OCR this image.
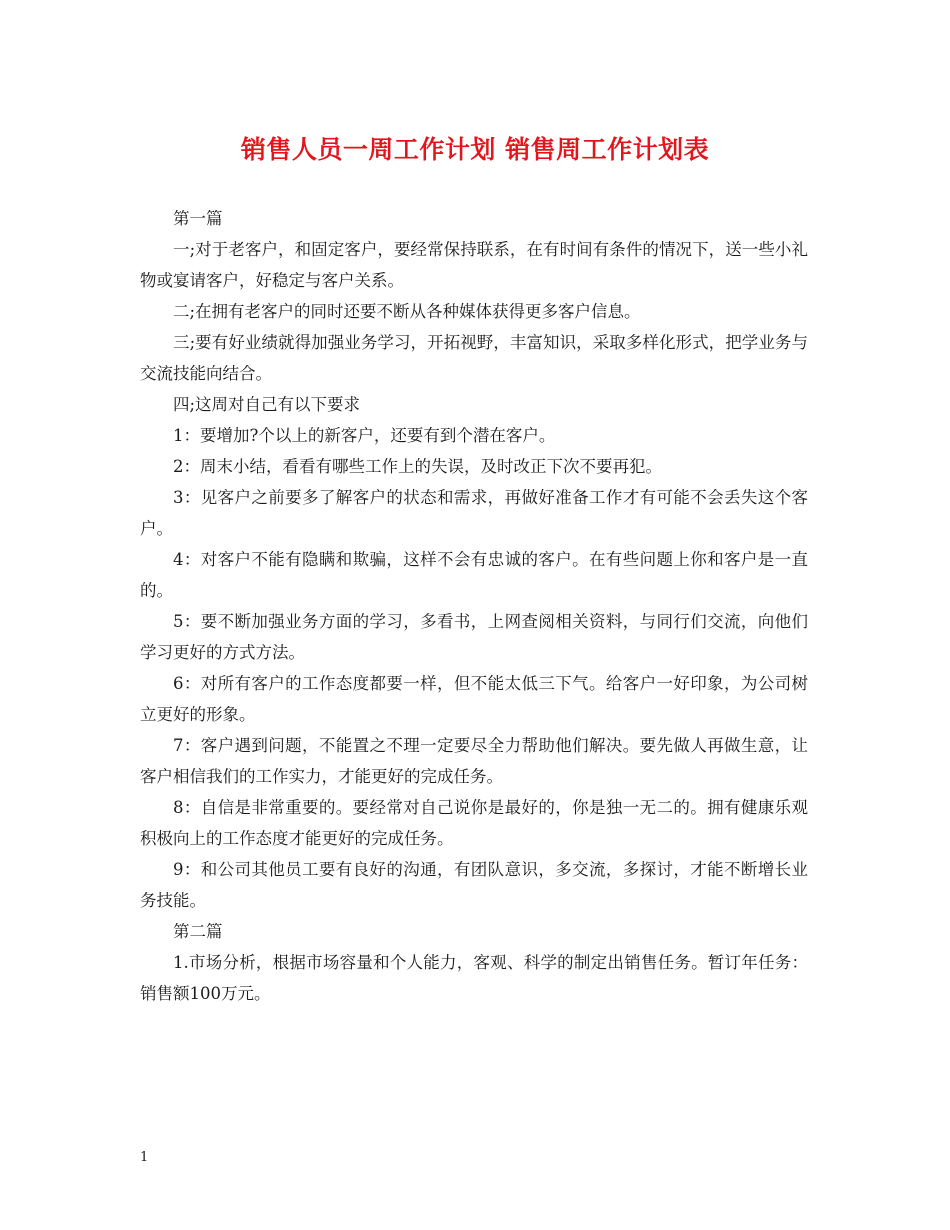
销售人员一周工作计划 销售周工作计划表

第一篇

一;对于老客户，和固定客户，要经常保持联系，在有时间有条件的情况下，送一些小礼物或宴请客户，好稳定与客户关系。

二;在拥有老客户的同时还要不断从各种媒体获得更多客户信息。

三;要有好业绩就得加强业务学习，开拓视野，丰富知识，采取多样化形式，把学业务与交流技能向结合。

四;这周对自己有以下要求

1：要增加?个以上的新客户，还要有到个潜在客户。

2：周末小结，看看有哪些工作上的失误，及时改正下次不要再犯。

3：见客户之前要多了解客户的状态和需求，再做好准备工作才有可能不会丢失这个客户。

4：对客户不能有隐瞒和欺骗，这样不会有忠诚的客户。在有些问题上你和客户是一直的。

5：要不断加强业务方面的学习，多看书，上网查阅相关资料，与同行们交流，向他们学习更好的方式方法。

6：对所有客户的工作态度都要一样，但不能太低三下气。给客户一好印象，为公司树立更好的形象。

7：客户遇到问题，不能置之不理一定要尽全力帮助他们解决。要先做人再做生意，让客户相信我们的工作实力，才能更好的完成任务。

8：自信是非常重要的。要经常对自己说你是最好的，你是独一无二的。拥有健康乐观积极向上的工作态度才能更好的完成任务。

9：和公司其他员工要有良好的沟通，有团队意识，多交流，多探讨，才能不断增长业务技能。

第二篇

1.市场分析，根据市场容量和个人能力，客观、科学的制定出销售任务。暂订年任务：销售额100万元。

1
